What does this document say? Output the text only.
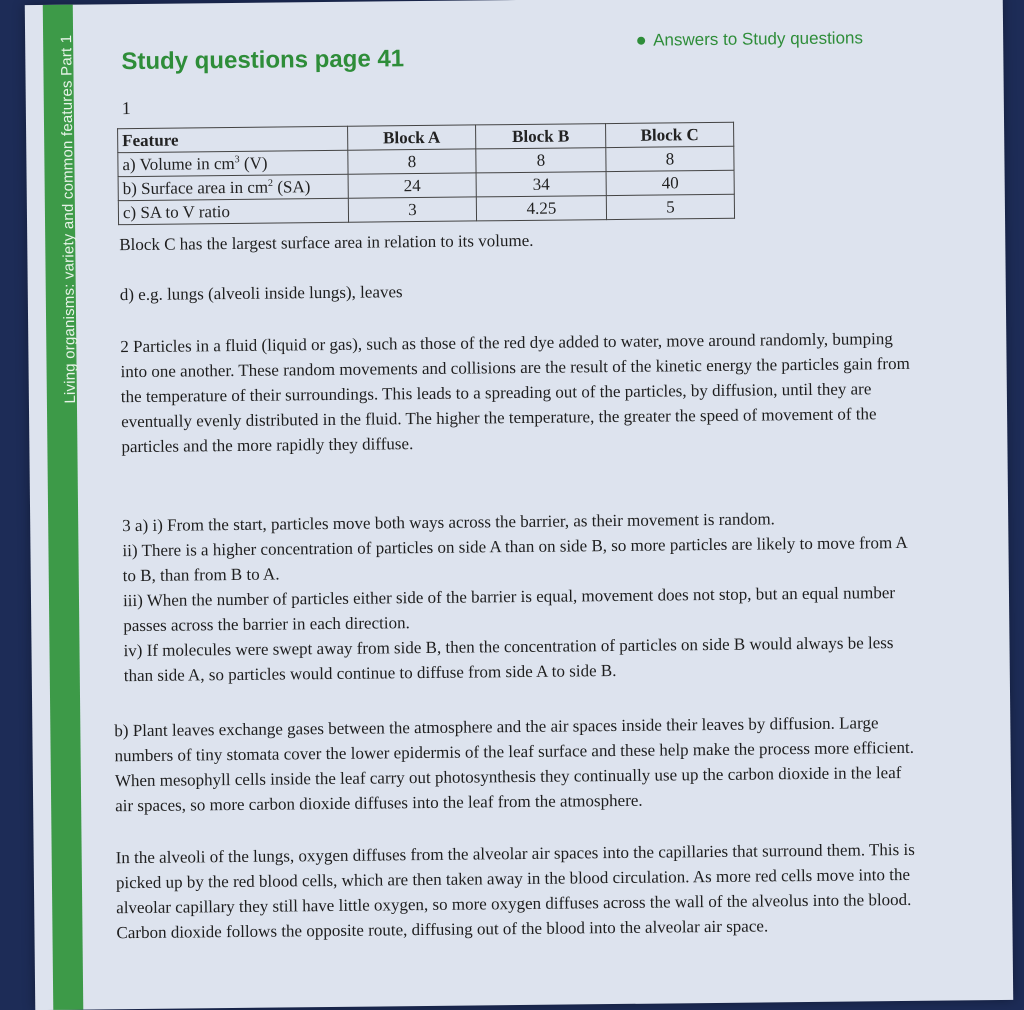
Living organisms: variety and common features Part 1 Study questions page 41
Answers to Study questions
1
Feature	Block A	Block B	Block C
a) Volume in $cm^3$ (V)	8	8	8
b) Surface area in $cm^2$ (SA)	24	34	40
c) SA to V ratio	3	4.25	5

Block C has the largest surface area in relation to its volume.

d) e.g. lungs (alveoli inside lungs), leaves

2 Particles in a fluid (liquid or gas), such as those of the red dye added to water, move around randomly, bumping into one another. These random movements and collisions are the result of the kinetic energy the particles gain from the temperature of their surroundings. This leads to a spreading out of the particles, by diffusion, until they are eventually evenly distributed in the fluid. The higher the temperature, the greater the speed of movement of the particles and the more rapidly they diffuse.

3 a) i) From the start, particles move both ways across the barrier, as their movement is random.

ii) There is a higher concentration of particles on side A than on side B, so more particles are likely to move from A to B, than from B to A.

iii) When the number of particles either side of the barrier is equal, movement does not stop, but an equal number passes across the barrier in each direction.

iv) If molecules were swept away from side B, then the concentration of particles on side B would always be less than side A, so particles would continue to diffuse from side A to side B.

b) Plant leaves exchange gases between the atmosphere and the air spaces inside their leaves by diffusion. Large numbers of tiny stomata cover the lower epidermis of the leaf surface and these help make the process more efficient. When mesophyll cells inside the leaf carry out photosynthesis they continually use up the carbon dioxide in the leaf air spaces, so more carbon dioxide diffuses into the leaf from the atmosphere.

In the alveoli of the lungs, oxygen diffuses from the alveolar air spaces into the capillaries that surround them. This is picked up by the red blood cells, which are then taken away in the blood circulation. As more red cells move into the alveolar capillary they still have little oxygen, so more oxygen diffuses across the wall of the alveolus into the blood. Carbon dioxide follows the opposite route, diffusing out of the blood into the alveolar air space.
